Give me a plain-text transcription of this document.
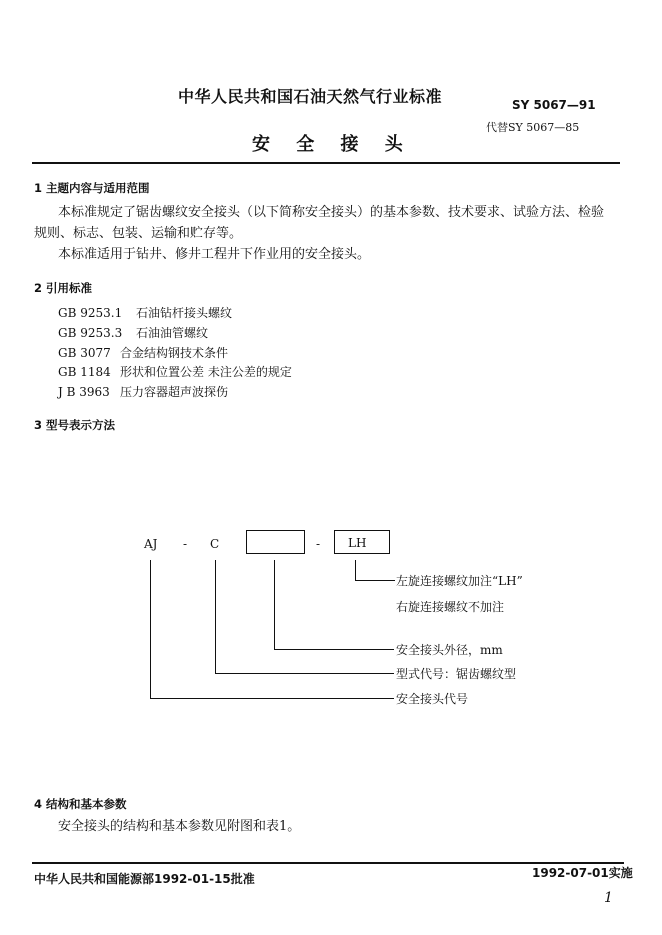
中华人民共和国石油天然气行业标准	SY 5067—91
代替SY 5067—85
安 全 接 头
1 主题内容与适用范围
本标准规定了锯齿螺纹安全接头（以下简称安全接头）的基本参数、技术要求、试验方法、检验
规则、标志、包装、运输和贮存等。
本标准适用于钻井、修井工程井下作业用的安全接头。
2 引用标准
GB 9253.1 石油钻杆接头螺纹
GB 9253.3 石油油管螺纹
GB 3077 合金结构钢技术条件
GB 1184 形状和位置公差 未注公差的规定
J B 3963 压力容器超声波探伤
3 型号表示方法
AJ - C	- LH
左旋连接螺纹加注“LH”
右旋连接螺纹不加注
安全接头外径，mm
型式代号：锯齿螺纹型
安全接头代号
4 结构和基本参数
安全接头的结构和基本参数见附图和表1。
中华人民共和国能源部1992-01-15批准	1992-07-01实施
1
